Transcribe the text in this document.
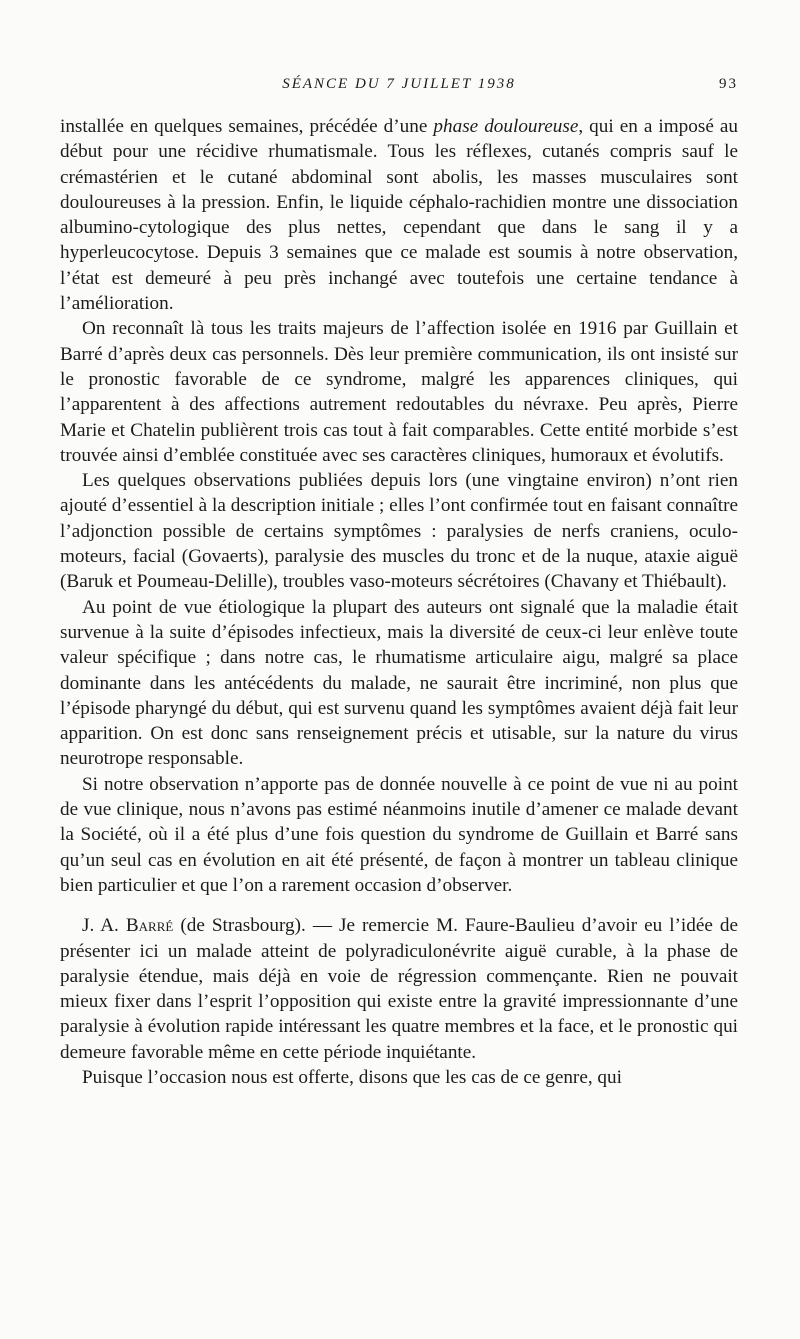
SÉANCE DU 7 JUILLET 1938	93

installée en quelques semaines, précédée d’une phase douloureuse, qui en a imposé au début pour une récidive rhumatismale. Tous les réflexes, cutanés compris sauf le crémastérien et le cutané abdominal sont abolis, les masses musculaires sont douloureuses à la pression. Enfin, le liquide céphalo-rachidien montre une dissociation albumino-cytologique des plus nettes, cependant que dans le sang il y a hyperleucocytose. Depuis 3 semaines que ce malade est soumis à notre observation, l’état est demeuré à peu près inchangé avec toutefois une certaine tendance à l’amélioration.

On reconnaît là tous les traits majeurs de l’affection isolée en 1916 par Guillain et Barré d’après deux cas personnels. Dès leur première communication, ils ont insisté sur le pronostic favorable de ce syndrome, malgré les apparences cliniques, qui l’apparentent à des affections autrement redoutables du névraxe. Peu après, Pierre Marie et Chatelin publièrent trois cas tout à fait comparables. Cette entité morbide s’est trouvée ainsi d’emblée constituée avec ses caractères cliniques, humoraux et évolutifs.

Les quelques observations publiées depuis lors (une vingtaine environ) n’ont rien ajouté d’essentiel à la description initiale ; elles l’ont confirmée tout en faisant connaître l’adjonction possible de certains symptômes : paralysies de nerfs craniens, oculo-moteurs, facial (Govaerts), paralysie des muscles du tronc et de la nuque, ataxie aiguë (Baruk et Poumeau-Delille), troubles vaso-moteurs sécrétoires (Chavany et Thiébault).

Au point de vue étiologique la plupart des auteurs ont signalé que la maladie était survenue à la suite d’épisodes infectieux, mais la diversité de ceux-ci leur enlève toute valeur spécifique ; dans notre cas, le rhumatisme articulaire aigu, malgré sa place dominante dans les antécédents du malade, ne saurait être incriminé, non plus que l’épisode pharyngé du début, qui est survenu quand les symptômes avaient déjà fait leur apparition. On est donc sans renseignement précis et utisable, sur la nature du virus neurotrope responsable.

Si notre observation n’apporte pas de donnée nouvelle à ce point de vue ni au point de vue clinique, nous n’avons pas estimé néanmoins inutile d’amener ce malade devant la Société, où il a été plus d’une fois question du syndrome de Guillain et Barré sans qu’un seul cas en évolution en ait été présenté, de façon à montrer un tableau clinique bien particulier et que l’on a rarement occasion d’observer.

J. A. Barré (de Strasbourg). — Je remercie M. Faure-Baulieu d’avoir eu l’idée de présenter ici un malade atteint de polyradiculonévrite aiguë curable, à la phase de paralysie étendue, mais déjà en voie de régression commençante. Rien ne pouvait mieux fixer dans l’esprit l’opposition qui existe entre la gravité impressionnante d’une paralysie à évolution rapide intéressant les quatre membres et la face, et le pronostic qui demeure favorable même en cette période inquiétante.

Puisque l’occasion nous est offerte, disons que les cas de ce genre, qui
